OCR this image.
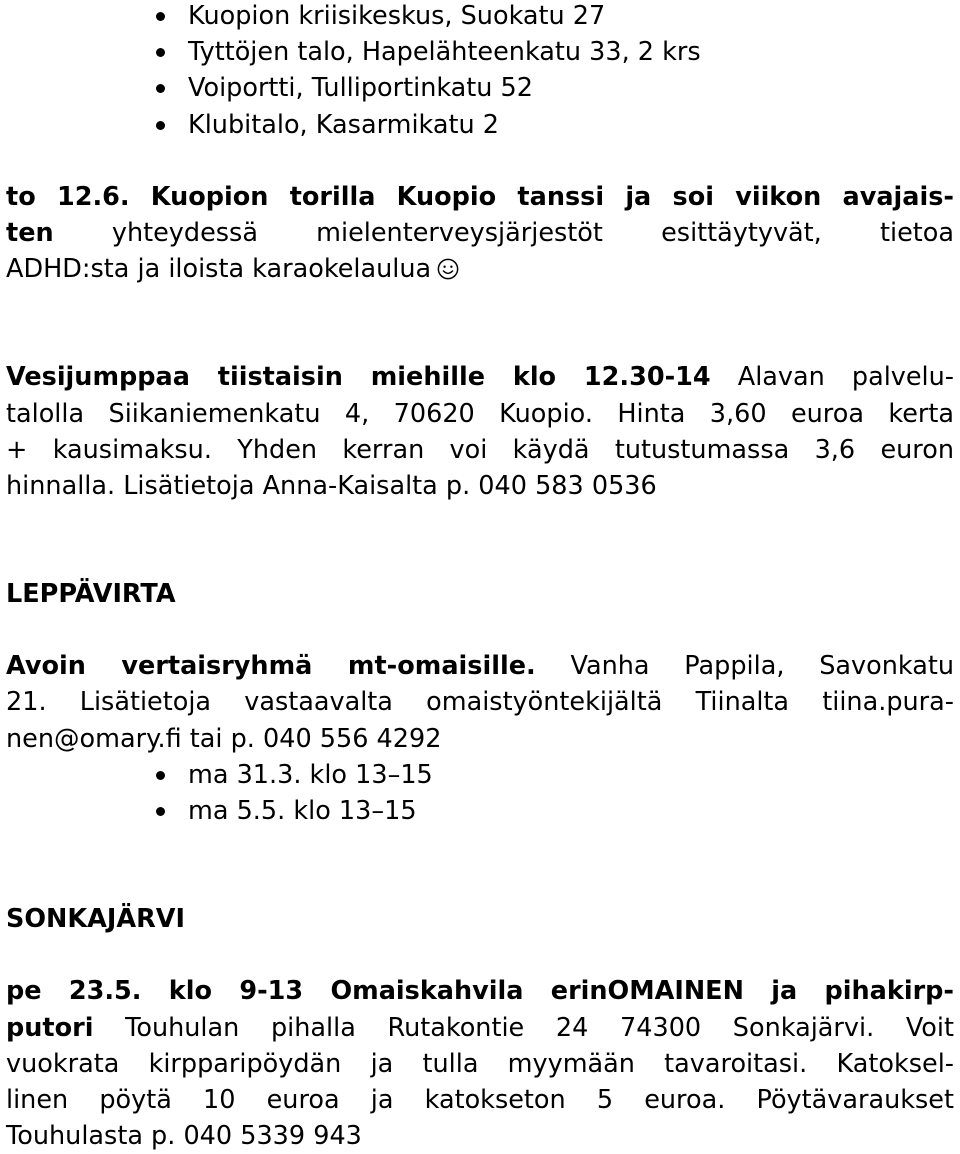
Kuopion kriisikeskus, Suokatu 27
Tyttöjen talo, Hapelähteenkatu 33, 2 krs
Voiportti, Tulliportinkatu 52
Klubitalo, Kasarmikatu 2
to 12.6. Kuopion torilla Kuopio tanssi ja soi viikon avajais-
ten yhteydessä mielenterveysjärjestöt esittäytyvät, tietoa
ADHD:sta ja iloista karaokelaulua
Vesijumppaa tiistaisin miehille klo 12.30-14 Alavan palvelu-
talolla Siikaniemenkatu 4, 70620 Kuopio. Hinta 3,60 euroa kerta
+ kausimaksu. Yhden kerran voi käydä tutustumassa 3,6 euron
hinnalla. Lisätietoja Anna-Kaisalta p. 040 583 0536
LEPPÄVIRTA
Avoin vertaisryhmä mt-omaisille. Vanha Pappila, Savonkatu
21. Lisätietoja vastaavalta omaistyöntekijältä Tiinalta tiina.pura-
nen@omary.fi tai p. 040 556 4292
ma 31.3. klo 13–15
ma 5.5. klo 13–15
SONKAJÄRVI
pe 23.5. klo 9-13 Omaiskahvila erinOMAINEN ja pihakirp-
putori Touhulan pihalla Rutakontie 24 74300 Sonkajärvi. Voit
vuokrata kirpparipöydän ja tulla myymään tavaroitasi. Katoksel-
linen pöytä 10 euroa ja katokseton 5 euroa. Pöytävaraukset
Touhulasta p. 040 5339 943
